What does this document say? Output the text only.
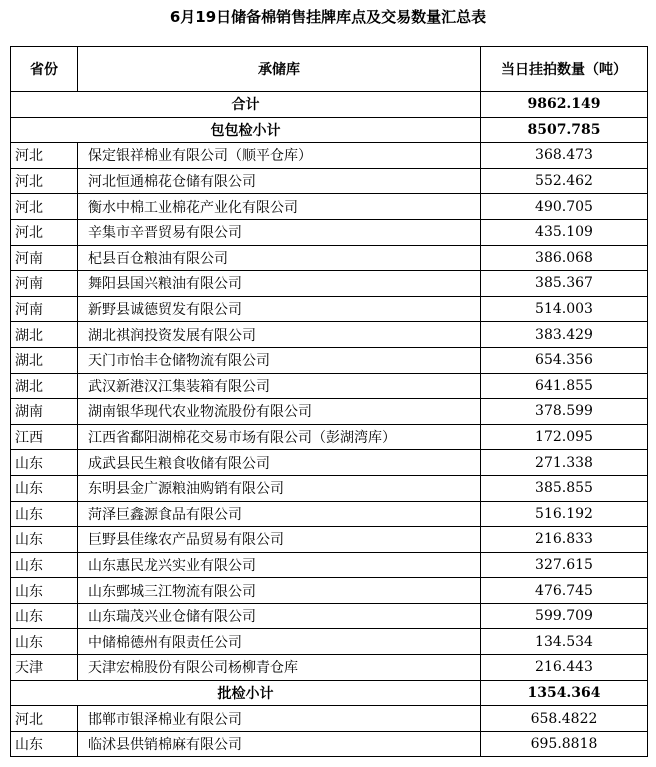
6月19日储备棉销售挂牌库点及交易数量汇总表
省份	承储库	当日挂拍数量（吨）
合计		9862.149
包包检小计		8507.785
河北	保定银祥棉业有限公司（顺平仓库）	368.473
河北	河北恒通棉花仓储有限公司	552.462
河北	衡水中棉工业棉花产业化有限公司	490.705
河北	辛集市辛晋贸易有限公司	435.109
河南	杞县百仓粮油有限公司	386.068
河南	舞阳县国兴粮油有限公司	385.367
河南	新野县诚德贸发有限公司	514.003
湖北	湖北祺润投资发展有限公司	383.429
湖北	天门市怡丰仓储物流有限公司	654.356
湖北	武汉新港汉江集装箱有限公司	641.855
湖南	湖南银华现代农业物流股份有限公司	378.599
江西	江西省鄱阳湖棉花交易市场有限公司（彭湖湾库）	172.095
山东	成武县民生粮食收储有限公司	271.338
山东	东明县金广源粮油购销有限公司	385.855
山东	菏泽巨鑫源食品有限公司	516.192
山东	巨野县佳缘农产品贸易有限公司	216.833
山东	山东惠民龙兴实业有限公司	327.615
山东	山东鄄城三江物流有限公司	476.745
山东	山东瑞茂兴业仓储有限公司	599.709
山东	中储棉德州有限责任公司	134.534
天津	天津宏棉股份有限公司杨柳青仓库	216.443
批检小计		1354.364
河北	邯郸市银泽棉业有限公司	658.4822
山东	临沭县供销棉麻有限公司	695.8818
